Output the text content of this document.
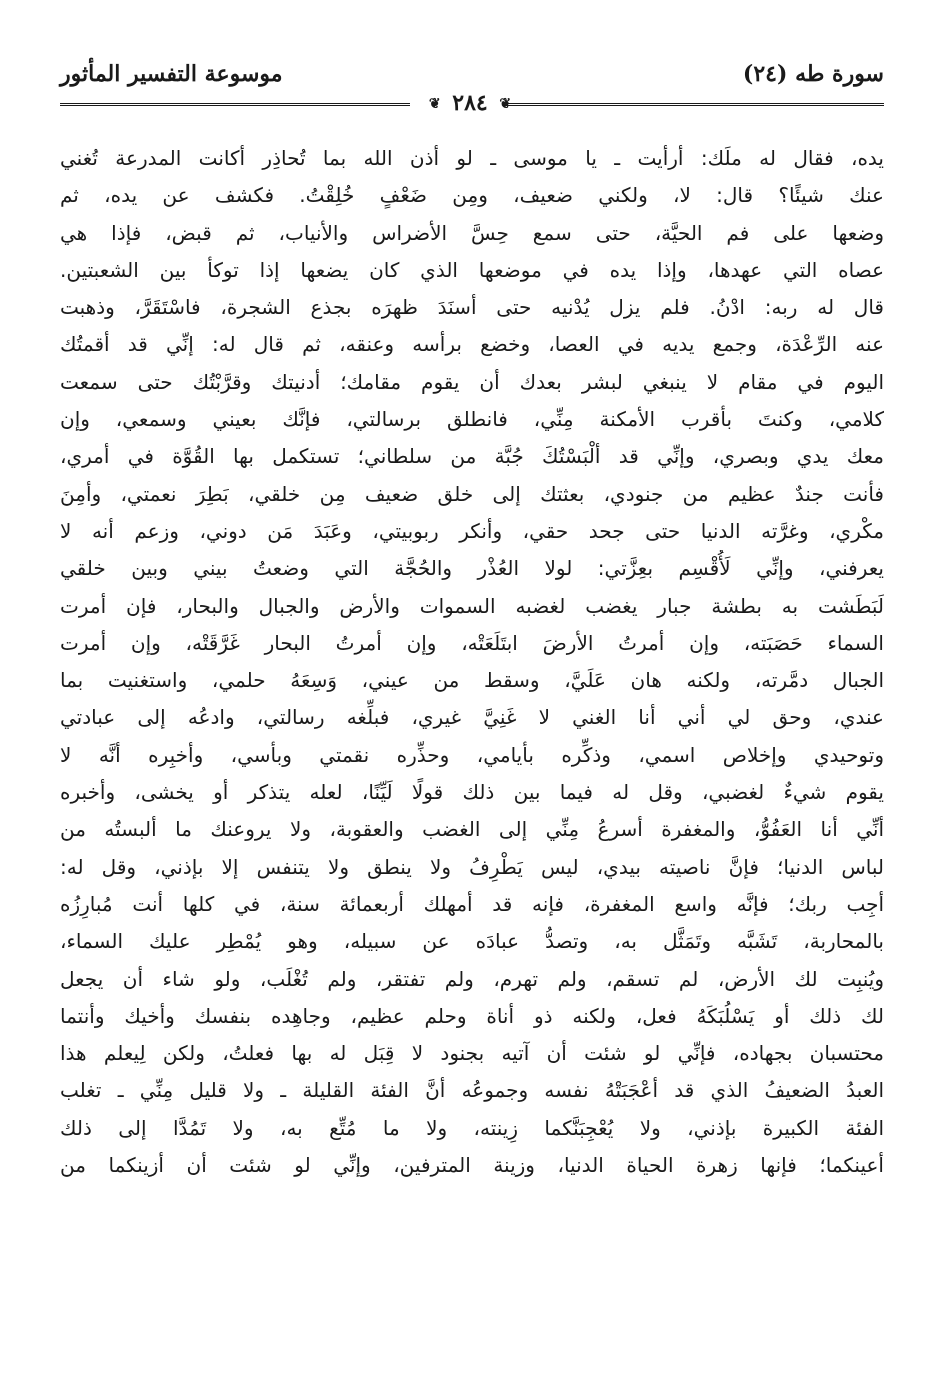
سورة طه (٢٤)
موسوعة التفسير المأثور
❦ ٢٨٤ ❦
يده، فقال له ملَك: أرأيت ـ يا موسى ـ لو أذن الله بما تُحاذِر أكانت المدرعة تُغني
عنك شيئًا؟ قال: لا، ولكني ضعيف، ومِن ضَعْفٍ خُلِقْتُ. فكشف عن يده، ثم
وضعها على فم الحيَّة، حتى سمع حِسَّ الأضراس والأنياب، ثم قبض، فإذا هي
عصاه التي عهدها، وإذا يده في موضعها الذي كان يضعها إذا توكأ بين الشعبتين.
قال له ربه: ادْنُ. فلم يزل يُدْنيه حتى أسنَدَ ظهرَه بجذع الشجرة، فاسْتَقَرَّ، وذهبت
عنه الرِّعْدَة، وجمع يديه في العصا، وخضع برأسه وعنقه، ثم قال له: إنِّي قد أقمتُك
اليوم في مقام لا ينبغي لبشر بعدك أن يقوم مقامك؛ أدنيتك وقرَّبْتُك حتى سمعت
كلامي، وكنتَ بأقرب الأمكنة مِنِّي، فانطلق برسالتي، فإنَّك بعيني وسمعي، وإن
معك يدي وبصري، وإنِّي قد ألْبَسْتُكَ جُبَّة من سلطاني؛ تستكمل بها القُوَّة في أمري،
فأنت جندٌ عظيم من جنودي، بعثتك إلى خلق ضعيف مِن خلقي، بَطِرَ نعمتي، وأمِنَ
مكْري، وغرَّته الدنيا حتى جحد حقي، وأنكر ربوبيتي، وعَبَدَ مَن دوني، وزعم أنه لا
يعرفني، وإنِّي لَأُقْسِم بعِزَّتي: لولا العُذْر والحُجَّة التي وضعتُ بيني وبين خلقي
لَبَطَشت به بطشة جبار يغضب لغضبه السموات والأرض والجبال والبحار، فإن أمرت
السماء حَصَبَته، وإن أمرتُ الأرضَ ابتَلَعَتْه، وإن أمرتُ البحار غَرَّقَتْه، وإن أمرت
الجبال دمَّرته، ولكنه هان عَلَيَّ، وسقط من عيني، وَسِعَهُ حلمي، واستغنيت بما
عندي، وحق لي أني أنا الغني لا غَنِيَّ غيري، فبلِّغه رسالتي، وادعُه إلى عبادتي
وتوحيدي وإخلاص اسمي، وذكِّره بأيامي، وحذِّره نقمتي وبأسي، وأخبِره أنَّه لا
يقوم شيءٌ لغضبي، وقل له فيما بين ذلك قولًا لَيِّنًا، لعله يتذكر أو يخشى، وأخبره
أنِّي أنا العَفُوُّ، والمغفرة أسرعُ مِنِّي إلى الغضب والعقوبة، ولا يروعنك ما ألبستُه من
لباس الدنيا؛ فإنَّ ناصيته بيدي، ليس يَطْرِفُ ولا ينطق ولا يتنفس إلا بإذني، وقل له:
أجِب ربك؛ فإنَّه واسع المغفرة، فإنه قد أمهلك أربعمائة سنة، في كلها أنت مُبارِزُه
بالمحاربة، تَشَبَّه وتَمَثَّل به، وتصدُّ عبادَه عن سبيله، وهو يُمْطِر عليك السماء،
ويُنبِت لك الأرض، لم تسقم، ولم تهرم، ولم تفتقر، ولم تُغْلَب، ولو شاء أن يجعل
لك ذلك أو يَسْلُبَكَهُ فعل، ولكنه ذو أناة وحلم عظيم، وجاهِده بنفسك وأخيك وأنتما
محتسبان بجهاده، فإنِّي لو شئت أن آتيه بجنود لا قِبَل له بها فعلتُ، ولكن لِيعلم هذا
العبدُ الضعيفُ الذي قد أعْجَبَتْهُ نفسه وجموعُه أنَّ الفئة القليلة ـ ولا قليل مِنِّي ـ تغلب
الفئة الكبيرة بإذني، ولا يُعْجِبَنَّكما زِينته، ولا ما مُتِّع به، ولا تَمُدَّا إلى ذلك
أعينكما؛ فإنها زهرة الحياة الدنيا، وزينة المترفين، وإنِّي لو شئت أن أزينكما من
